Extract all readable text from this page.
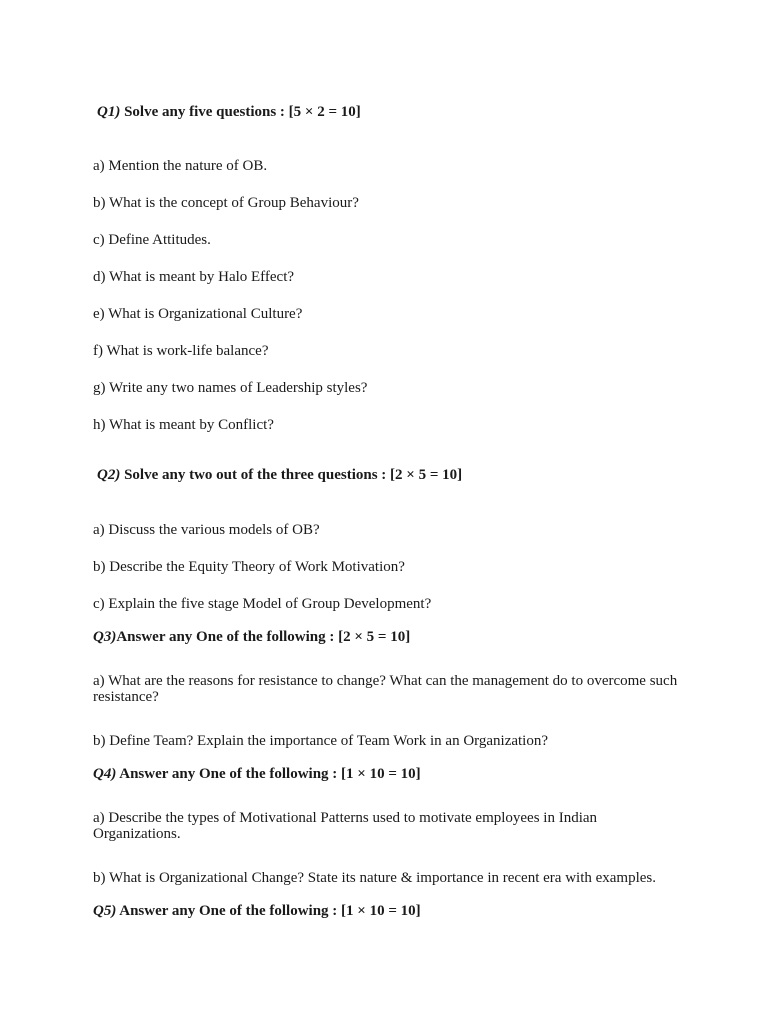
Q1) Solve any five questions : [5 × 2 = 10]
a) Mention the nature of OB.
b) What is the concept of Group Behaviour?
c) Define Attitudes.
d) What is meant by Halo Effect?
e) What is Organizational Culture?
f) What is work-life balance?
g) Write any two names of Leadership styles?
h) What is meant by Conflict?
Q2) Solve any two out of the three questions : [2 × 5 = 10]
a) Discuss the various models of OB?
b) Describe the Equity Theory of Work Motivation?
c) Explain the five stage Model of Group Development?
Q3)Answer any One of the following : [2 × 5 = 10]
a) What are the reasons for resistance to change? What can the management do to overcome such resistance?
b) Define Team? Explain the importance of Team Work in an Organization?
Q4) Answer any One of the following : [1 × 10 = 10]
a) Describe the types of Motivational Patterns used to motivate employees in Indian Organizations.
b) What is Organizational Change? State its nature & importance in recent era with examples.
Q5) Answer any One of the following : [1 × 10 = 10]
